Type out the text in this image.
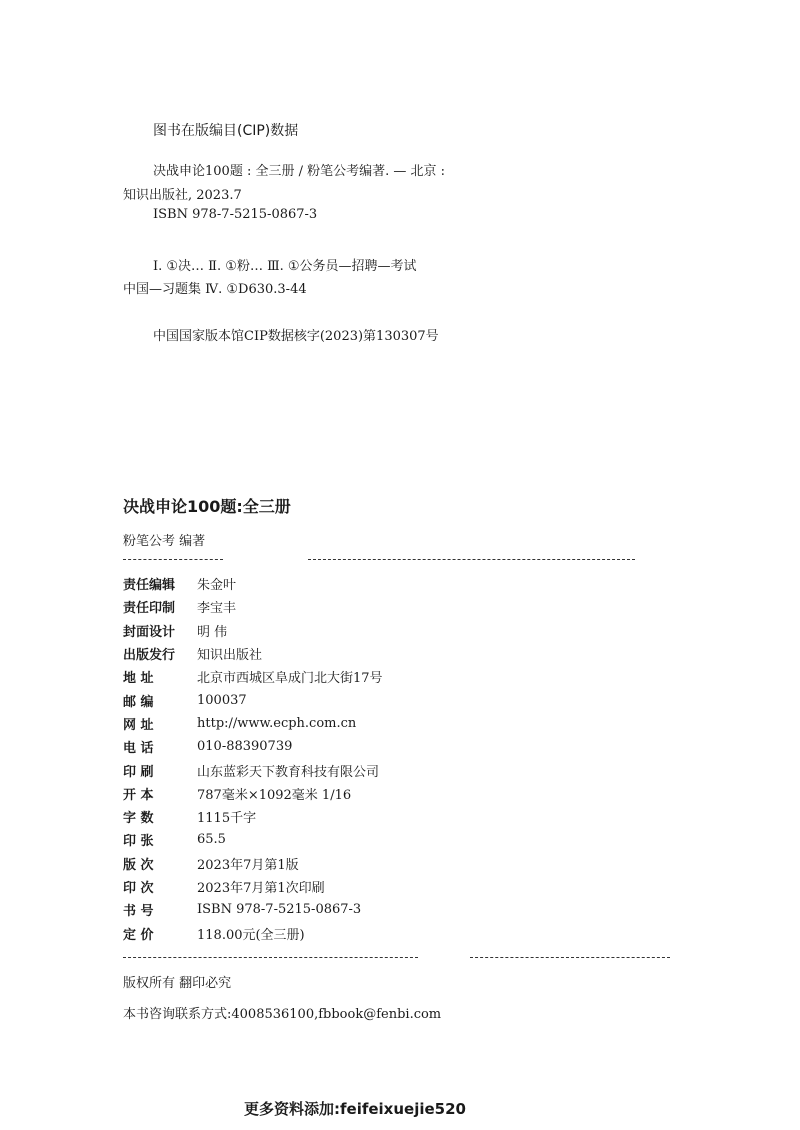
图书在版编目(CIP)数据
决战申论100题 : 全三册 / 粉笔公考编著. — 北京 :
知识出版社, 2023.7
ISBN 978-7-5215-0867-3
Ⅰ. ①决… Ⅱ. ①粉… Ⅲ. ①公务员—招聘—考试
中国—习题集 Ⅳ. ①D630.3-44
中国国家版本馆CIP数据核字(2023)第130307号
决战申论100题:全三册
粉笔公考 编著
责任编辑	朱金叶
责任印制	李宝丰
封面设计	明 伟
出版发行	知识出版社
地 址	北京市西城区阜成门北大街17号
邮 编	100037
网 址	http://www.ecph.com.cn
电 话	010-88390739
印 刷	山东蓝彩天下教育科技有限公司
开 本	787毫米×1092毫米 1/16
字 数	1115千字
印 张	65.5
版 次	2023年7月第1版
印 次	2023年7月第1次印刷
书 号	ISBN 978-7-5215-0867-3
定 价	118.00元(全三册)
版权所有 翻印必究
本书咨询联系方式:4008536100,fbbook@fenbi.com
更多资料添加:feifeixuejie520
